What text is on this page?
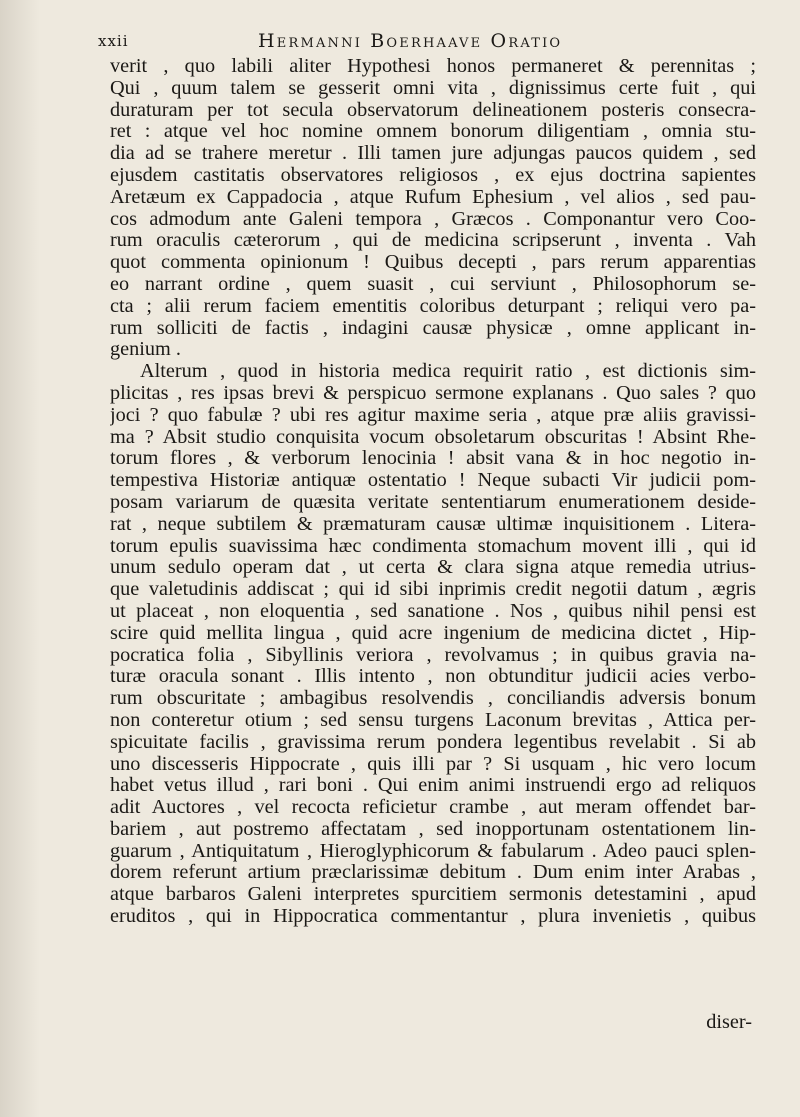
xxii	Hermanni Boerhaave Oratio
verit , quo labili aliter Hypothesi honos permaneret & perennitas ;
Qui , quum talem se gesserit omni vita , dignissimus certe fuit , qui
duraturam per tot secula observatorum delineationem posteris consecra-
ret : atque vel hoc nomine omnem bonorum diligentiam , omnia stu-
dia ad se trahere meretur . Illi tamen jure adjungas paucos quidem , sed
ejusdem castitatis observatores religiosos , ex ejus doctrina sapientes
Aretæum ex Cappadocia , atque Rufum Ephesium , vel alios , sed pau-
cos admodum ante Galeni tempora , Græcos . Componantur vero Coo-
rum oraculis cæterorum , qui de medicina scripserunt , inventa . Vah
quot commenta opinionum ! Quibus decepti , pars rerum apparentias
eo narrant ordine , quem suasit , cui serviunt , Philosophorum se-
cta ; alii rerum faciem ementitis coloribus deturpant ; reliqui vero pa-
rum solliciti de factis , indagini causæ physicæ , omne applicant in-
genium .
Alterum , quod in historia medica requirit ratio , est dictionis sim-
plicitas , res ipsas brevi & perspicuo sermone explanans . Quo sales ? quo
joci ? quo fabulæ ? ubi res agitur maxime seria , atque præ aliis gravissi-
ma ? Absit studio conquisita vocum obsoletarum obscuritas ! Absint Rhe-
torum flores , & verborum lenocinia ! absit vana & in hoc negotio in-
tempestiva Historiæ antiquæ ostentatio ! Neque subacti Vir judicii pom-
posam variarum de quæsita veritate sententiarum enumerationem deside-
rat , neque subtilem & præmaturam causæ ultimæ inquisitionem . Litera-
torum epulis suavissima hæc condimenta stomachum movent illi , qui id
unum sedulo operam dat , ut certa & clara signa atque remedia utrius-
que valetudinis addiscat ; qui id sibi inprimis credit negotii datum , ægris
ut placeat , non eloquentia , sed sanatione . Nos , quibus nihil pensi est
scire quid mellita lingua , quid acre ingenium de medicina dictet , Hip-
pocratica folia , Sibyllinis veriora , revolvamus ; in quibus gravia na-
turæ oracula sonant . Illis intento , non obtunditur judicii acies verbo-
rum obscuritate ; ambagibus resolvendis , conciliandis adversis bonum
non conteretur otium ; sed sensu turgens Laconum brevitas , Attica per-
spicuitate facilis , gravissima rerum pondera legentibus revelabit . Si ab
uno discesseris Hippocrate , quis illi par ? Si usquam , hic vero locum
habet vetus illud , rari boni . Qui enim animi instruendi ergo ad reliquos
adit Auctores , vel recocta reficietur crambe , aut meram offendet bar-
bariem , aut postremo affectatam , sed inopportunam ostentationem lin-
guarum , Antiquitatum , Hieroglyphicorum & fabularum . Adeo pauci splen-
dorem referunt artium præclarissimæ debitum . Dum enim inter Arabas ,
atque barbaros Galeni interpretes spurcitiem sermonis detestamini , apud
eruditos , qui in Hippocratica commentantur , plura invenietis , quibus
diser-
